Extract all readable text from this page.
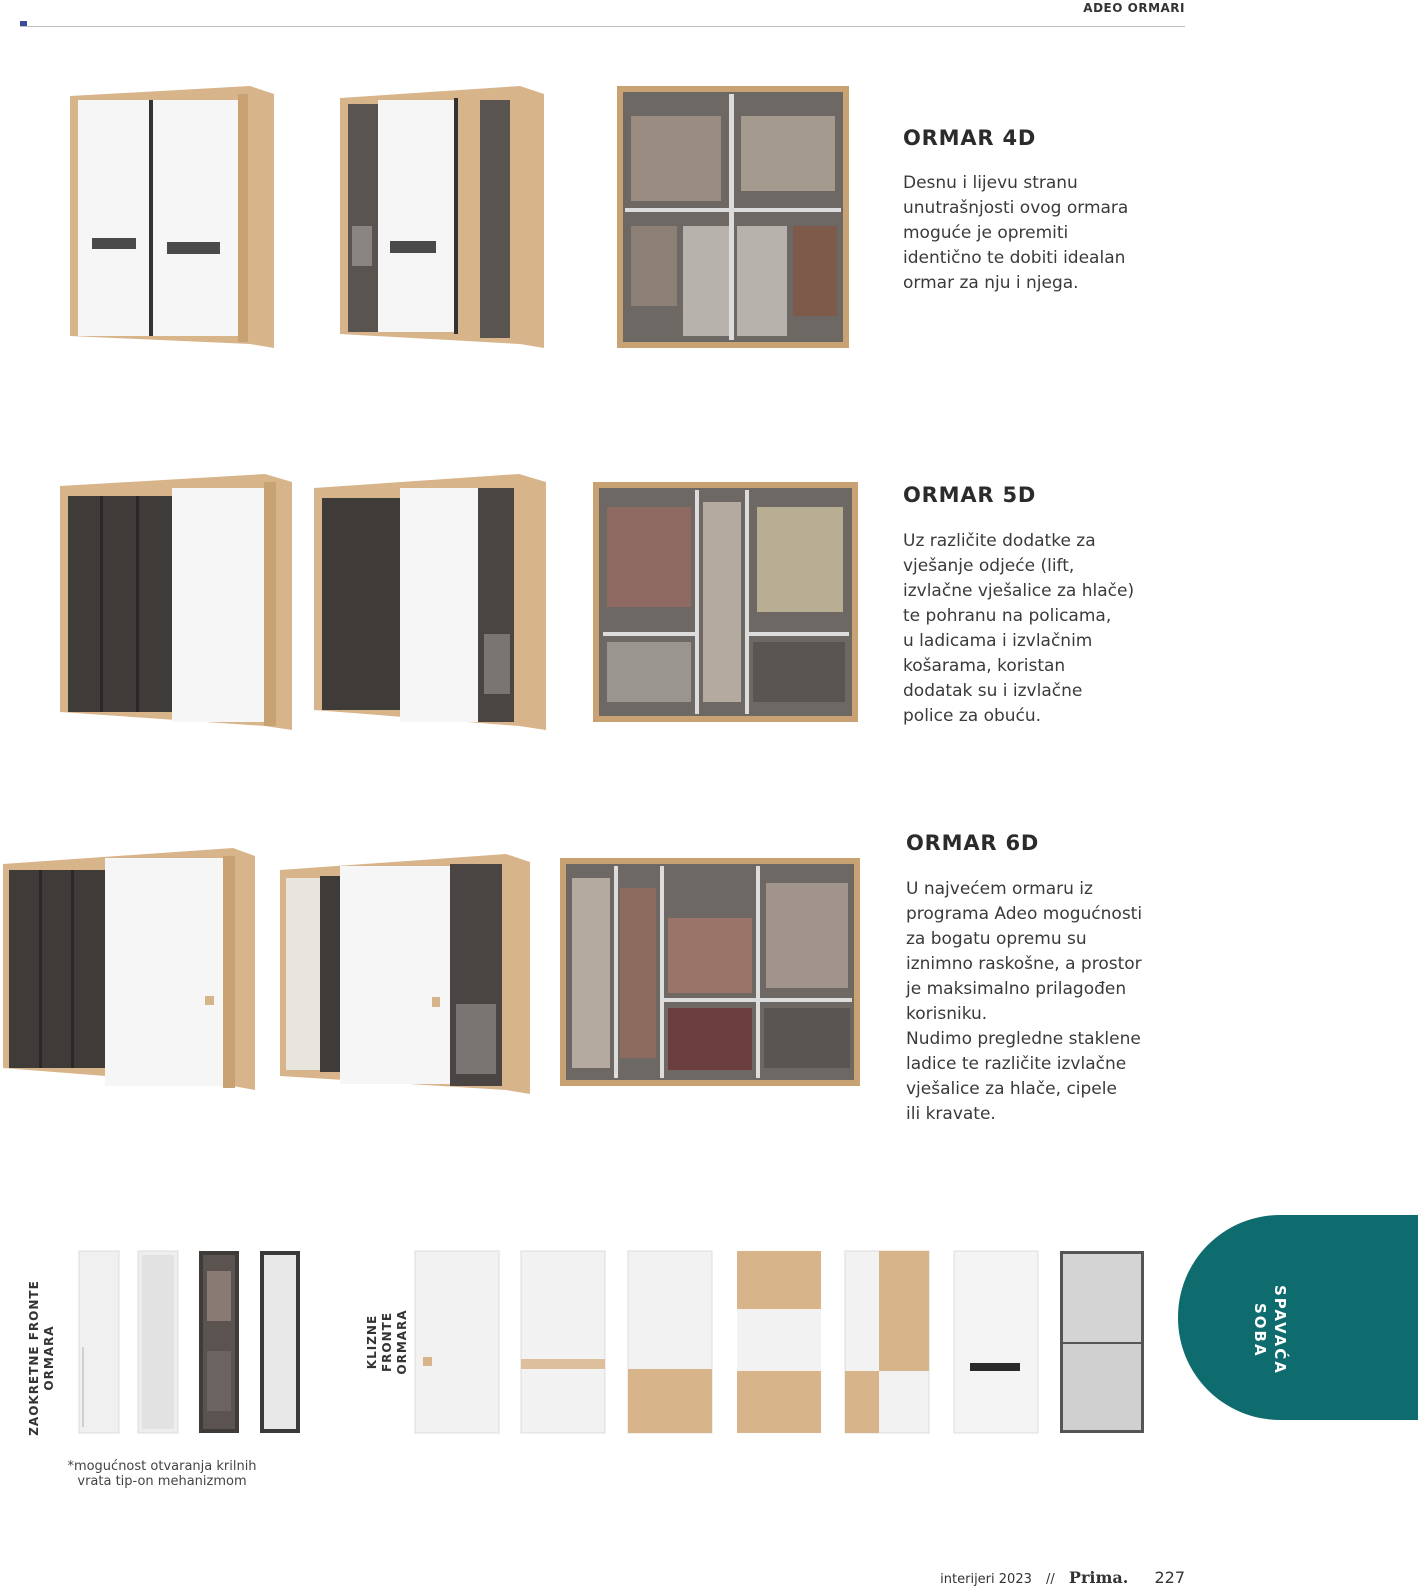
ADEO ORMARI
ORMAR 4D
Desnu i lijevu stranu
unutrašnjosti ovog ormara
moguće je opremiti
identično te dobiti idealan
ormar za nju i njega.
ORMAR 5D
Uz različite dodatke za
vješanje odjeće (lift,
izvlačne vješalice za hlače)
te pohranu na policama,
u ladicama i izvlačnim
košarama, koristan
dodatak su i izvlačne
police za obuću.
ORMAR 6D
U najvećem ormaru iz
programa Adeo mogućnosti
za bogatu opremu su
iznimno raskošne, a prostor
je maksimalno prilagođen
korisniku.
Nudimo pregledne staklene
ladice te različite izvlačne
vješalice za hlače, cipele
ili kravate.
ZAOKRETNE FRONTE
ORMARA
*mogućnost otvaranja krilnih
vrata tip-on mehanizmom
KLIZNE FRONTE
ORMARA	SPAVAĆA
SOBA
interijeri 2023 // Prima. 227
